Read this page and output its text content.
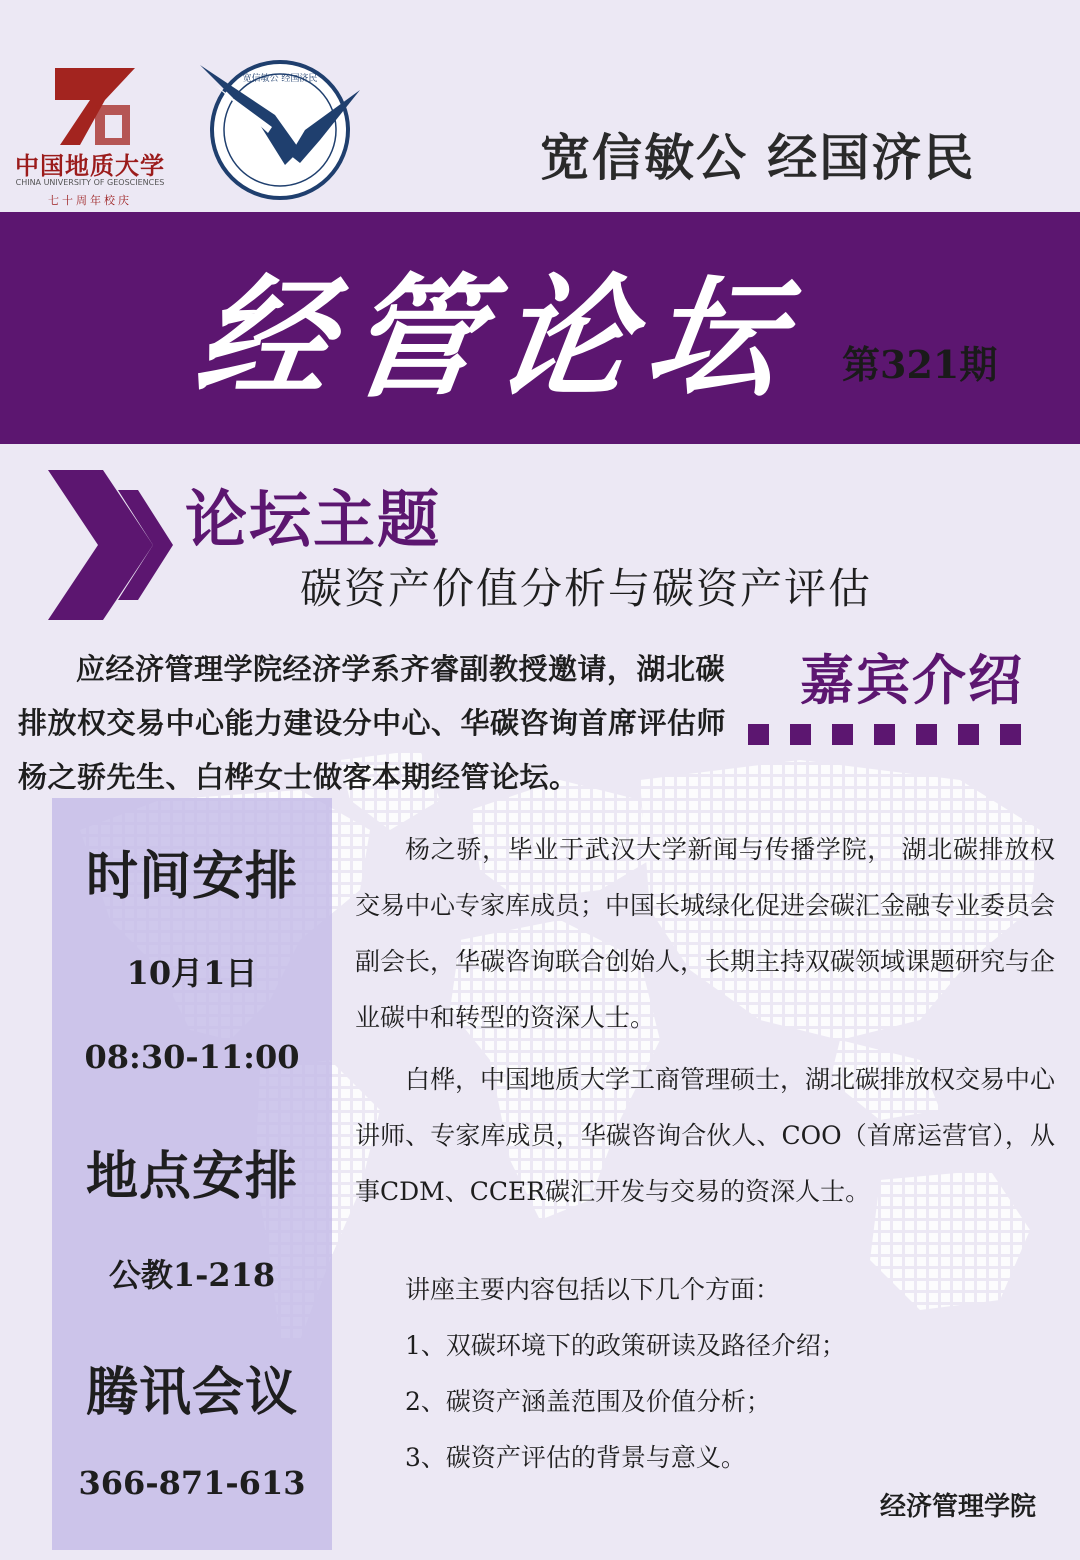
中国地质大学
CHINA UNIVERSITY OF GEOSCIENCES
七十周年校庆
宽信敏公 经国济民
宽信敏公 经国济民
经管论坛 第321期
论坛主题
碳资产价值分析与碳资产评估
应经济管理学院经济学系齐睿副教授邀请，湖北碳排放权交易中心能力建设分中心、华碳咨询首席评估师杨之骄先生、白桦女士做客本期经管论坛。
嘉宾介绍
时间安排
10月1日
08:30-11:00
地点安排
公教1-218
腾讯会议
366-871-613

杨之骄，毕业于武汉大学新闻与传播学院， 湖北碳排放权交易中心专家库成员；中国长城绿化促进会碳汇金融专业委员会副会长，华碳咨询联合创始人，长期主持双碳领域课题研究与企业碳中和转型的资深人士。

白桦，中国地质大学工商管理硕士，湖北碳排放权交易中心讲师、专家库成员，华碳咨询合伙人、COO（首席运营官），从事CDM、CCER碳汇开发与交易的资深人士。

讲座主要内容包括以下几个方面：
1、双碳环境下的政策研读及路径介绍；
2、碳资产涵盖范围及价值分析；
3、碳资产评估的背景与意义。
经济管理学院
